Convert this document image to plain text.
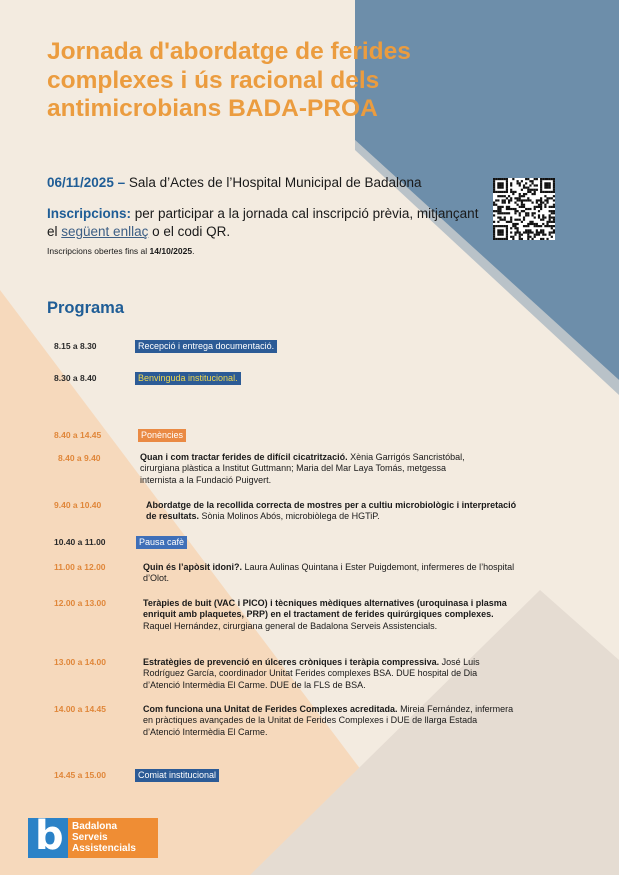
Jornada d'abordatge de ferides complexes i ús racional dels antimicrobians BADA-PROA
06/11/2025 – Sala d’Actes de l’Hospital Municipal de Badalona
Inscripcions: per participar a la jornada cal inscripció prèvia, mitjançant el següent enllaç o el codi QR.
Inscripcions obertes fins al 14/10/2025.
Programa
8.15 a 8.30	Recepció i entrega documentació.
8.30 a 8.40	Benvinguda institucional.
8.40 a 14.45	Ponències
8.40 a 9.40	Quan i com tractar ferides de difícil cicatrització. Xènia Garrigós Sancristóbal, cirurgiana plàstica a Institut Guttmann; Maria del Mar Laya Tomás, metgessa internista a la Fundació Puigvert.
9.40 a 10.40	Abordatge de la recollida correcta de mostres per a cultiu microbiològic i interpretació de resultats. Sònia Molinos Abós, microbiòlega de HGTiP.
10.40 a 11.00	Pausa cafè
11.00 a 12.00	Quin és l’apòsit idoni?. Laura Aulinas Quintana i Ester Puigdemont, infermeres de l’hospital d’Olot.
12.00 a 13.00	Teràpies de buit (VAC i PICO) i tècniques mèdiques alternatives (uroquinasa i plasma enriquit amb plaquetes, PRP) en el tractament de ferides quirúrgiques complexes. Raquel Hernández, cirurgiana general de Badalona Serveis Assistencials.
13.00 a 14.00	Estratègies de prevenció en úlceres cròniques i teràpia compressiva. José Luis Rodríguez García, coordinador Unitat Ferides complexes BSA. DUE hospital de Dia d’Atenció Intermèdia El Carme. DUE de la FLS de BSA.
14.00 a 14.45	Com funciona una Unitat de Ferides Complexes acreditada. Mireia Fernández, infermera en pràctiques avançades de la Unitat de Ferides Complexes i DUE de llarga Estada d’Atenció Intermèdia El Carme.
14.45 a 15.00	Comiat institucional
b Badalona
Serveis
Assistencials
